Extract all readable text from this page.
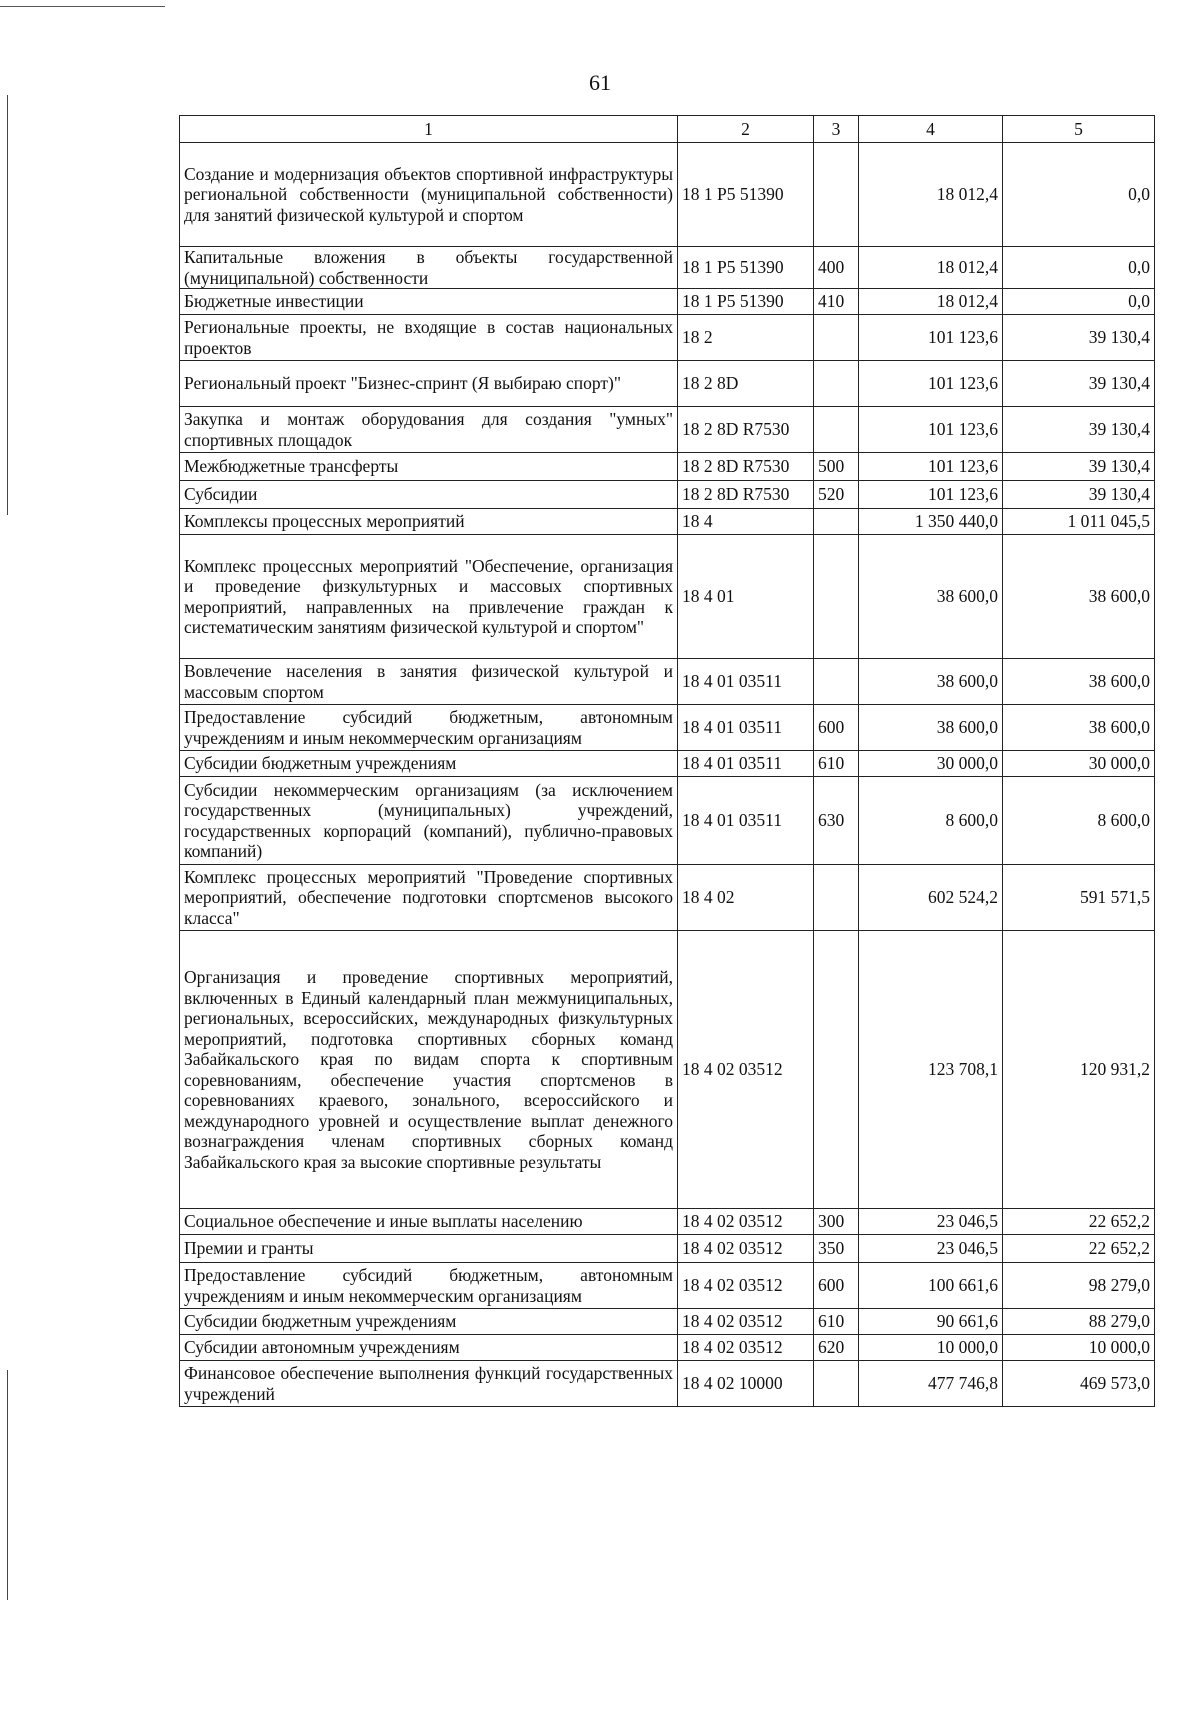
61
1	2	3	4	5
Создание и модернизация объектов спортивной инфраструктуры региональной собственности (муниципальной собственности) для занятий физической культурой и спортом	18 1 P5 51390		18 012,4	0,0
Капитальные вложения в объекты государственной (муниципальной) собственности	18 1 P5 51390	400	18 012,4	0,0
Бюджетные инвестиции	18 1 P5 51390	410	18 012,4	0,0
Региональные проекты, не входящие в состав национальных проектов	18 2		101 123,6	39 130,4
Региональный проект "Бизнес-спринт (Я выбираю спорт)"	18 2 8D		101 123,6	39 130,4
Закупка и монтаж оборудования для создания "умных" спортивных площадок	18 2 8D R7530		101 123,6	39 130,4
Межбюджетные трансферты	18 2 8D R7530	500	101 123,6	39 130,4
Субсидии	18 2 8D R7530	520	101 123,6	39 130,4
Комплексы процессных мероприятий	18 4		1 350 440,0	1 011 045,5
Комплекс процессных мероприятий "Обеспечение, организация и проведение физкультурных и массовых спортивных мероприятий, направленных на привлечение граждан к систематическим занятиям физической культурой и спортом"	18 4 01		38 600,0	38 600,0
Вовлечение населения в занятия физической культурой и массовым спортом	18 4 01 03511		38 600,0	38 600,0
Предоставление субсидий бюджетным, автономным учреждениям и иным некоммерческим организациям	18 4 01 03511	600	38 600,0	38 600,0
Субсидии бюджетным учреждениям	18 4 01 03511	610	30 000,0	30 000,0
Субсидии некоммерческим организациям (за исключением государственных (муниципальных) учреждений, государственных корпораций (компаний), публично-правовых компаний)	18 4 01 03511	630	8 600,0	8 600,0
Комплекс процессных мероприятий "Проведение спортивных мероприятий, обеспечение подготовки спортсменов высокого класса"	18 4 02		602 524,2	591 571,5
Организация и проведение спортивных мероприятий, включенных в Единый календарный план межмуниципальных, региональных, всероссийских, международных физкультурных мероприятий, подготовка спортивных сборных команд Забайкальского края по видам спорта к спортивным соревнованиям, обеспечение участия спортсменов в соревнованиях краевого, зонального, всероссийского и международного уровней и осуществление выплат денежного вознаграждения членам спортивных сборных команд Забайкальского края за высокие спортивные результаты	18 4 02 03512		123 708,1	120 931,2
Социальное обеспечение и иные выплаты населению	18 4 02 03512	300	23 046,5	22 652,2
Премии и гранты	18 4 02 03512	350	23 046,5	22 652,2
Предоставление субсидий бюджетным, автономным учреждениям и иным некоммерческим организациям	18 4 02 03512	600	100 661,6	98 279,0
Субсидии бюджетным учреждениям	18 4 02 03512	610	90 661,6	88 279,0
Субсидии автономным учреждениям	18 4 02 03512	620	10 000,0	10 000,0
Финансовое обеспечение выполнения функций государственных учреждений	18 4 02 10000		477 746,8	469 573,0
